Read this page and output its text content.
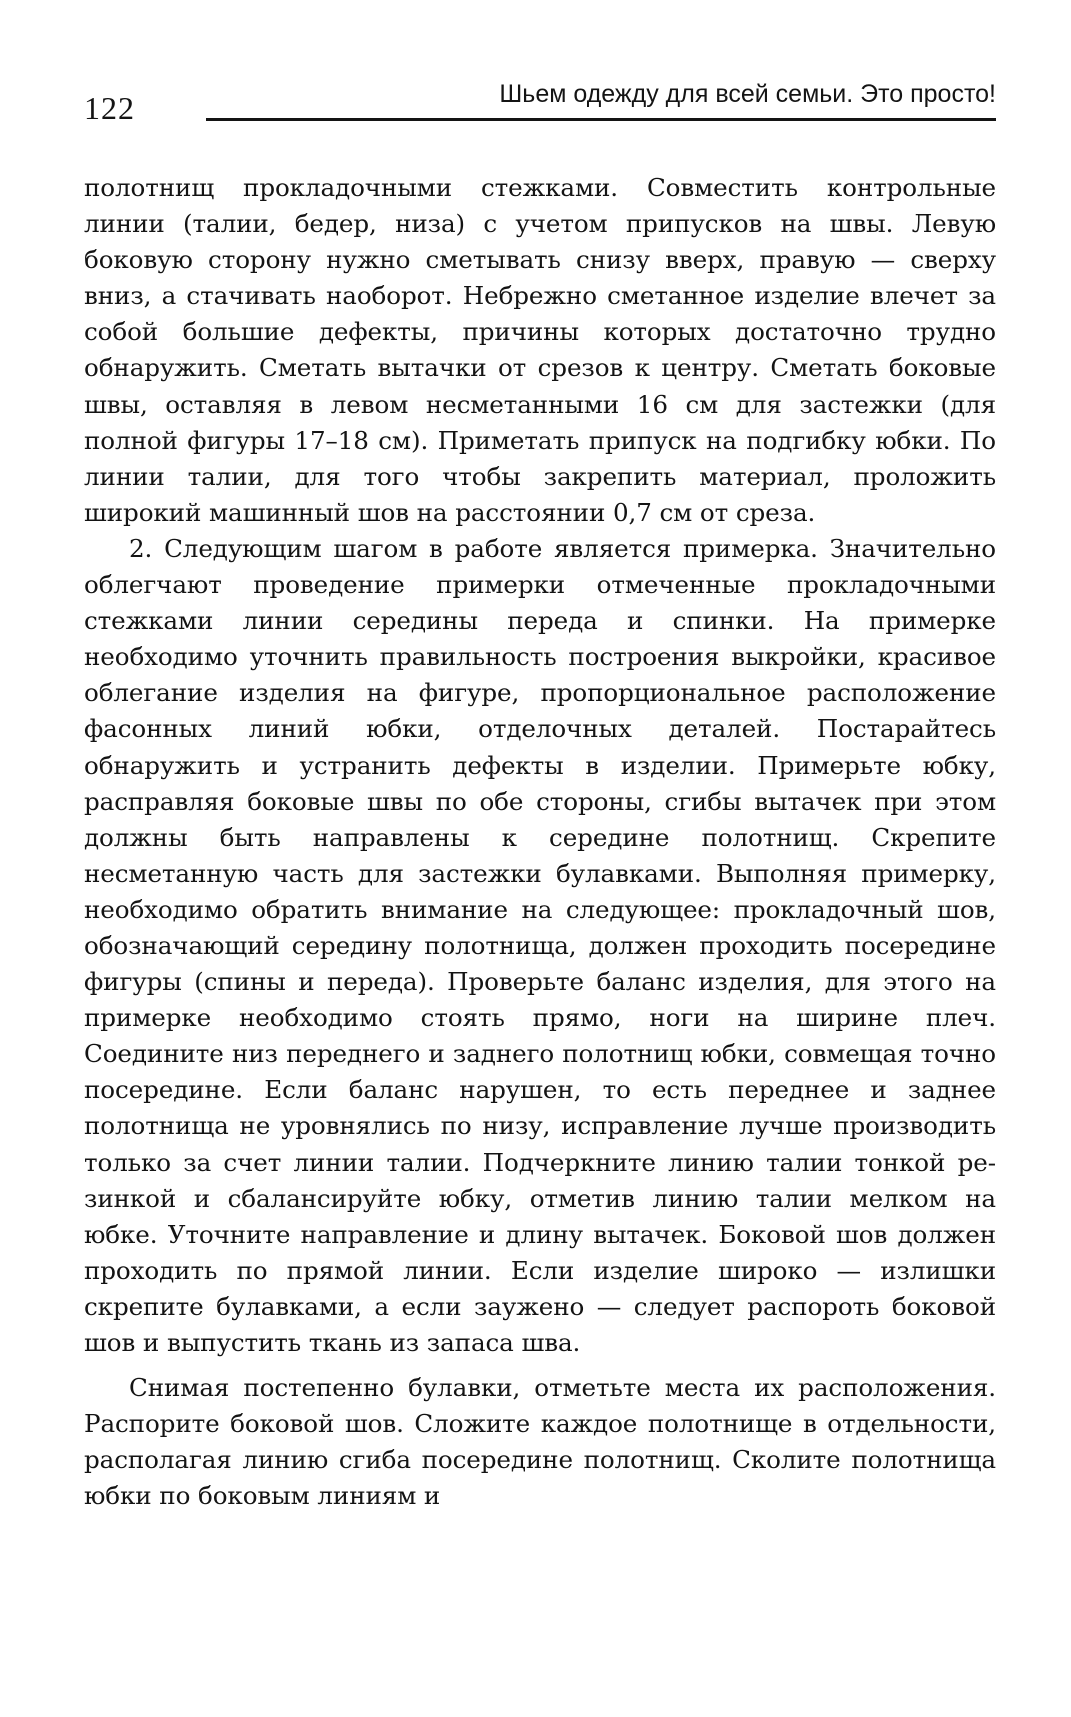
122	Шьем одежду для всей семьи. Это просто!

полотнищ прокладочными стежками. Совместить контрольные линии (талии, бедер, низа) с учетом припусков на швы. Левую боковую сторону нужно сметывать снизу вверх, правую — сверху вниз, а стачивать наоборот. Небрежно сметанное изделие влечет за собой большие дефекты, причины которых достаточно трудно обнаружить. Сметать вытачки от срезов к центру. Сметать боковые швы, оставляя в левом несметанными 16 см для застежки (для полной фигуры 17–18 см). Приметать припуск на подгибку юбки. По линии талии, для того чтобы закрепить материал, проложить широкий машинный шов на расстоянии 0,7 см от среза.

2. Следующим шагом в работе является примерка. Значительно облегчают проведение примерки отмеченные прокладочными стежками линии середины переда и спинки. На примерке необходимо уточнить правильность построения выкройки, красивое облегание изделия на фигуре, пропорциональное расположение фасонных линий юбки, отделочных деталей. Постарайтесь обнаружить и устранить дефекты в изделии. Примерьте юбку, расправляя боковые швы по обе стороны, сгибы вытачек при этом должны быть направлены к середине полотнищ. Скрепите несметанную часть для застежки булавками. Выполняя примерку, необходимо обратить внимание на следующее: прокладочный шов, обозначающий середину полотнища, должен проходить посередине фигуры (спины и переда). Проверьте баланс изделия, для этого на примерке необходимо стоять прямо, ноги на ширине плеч. Соедините низ переднего и заднего полотнищ юбки, совмещая точно посередине. Если баланс нарушен, то есть переднее и заднее полотнища не уровнялись по низу, исправление лучше производить только за счет линии талии. Подчеркните линию талии тонкой резинкой и сбалансируйте юбку, отметив линию талии мелком на юбке. Уточните направление и длину вытачек. Боковой шов должен проходить по прямой линии. Если изделие широко — излишки скрепите булавками, а если заужено — следует распороть боковой шов и выпустить ткань из запаса шва.

Снимая постепенно булавки, отметьте места их расположения. Распорите боковой шов. Сложите каждое полотнище в отдельности, располагая линию сгиба посередине полотнищ. Сколите полотнища юбки по боковым линиям и
